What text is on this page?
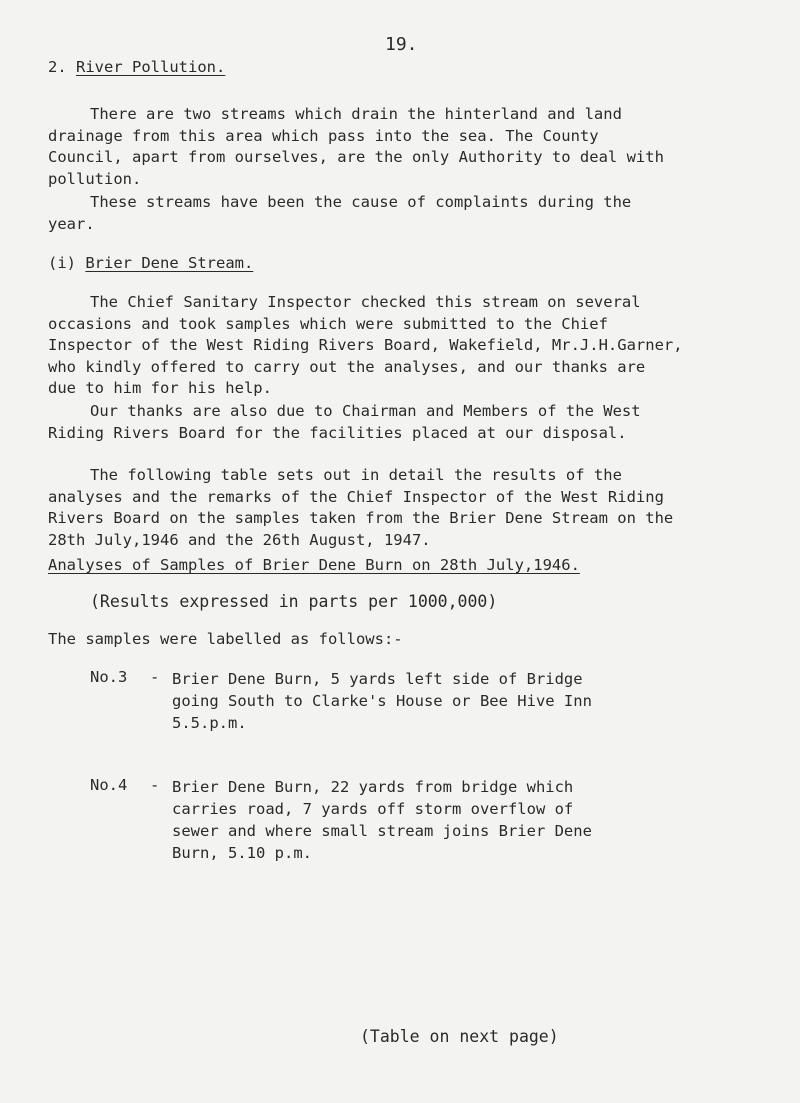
19.
2. River Pollution.
There are two streams which drain the hinterland and land
drainage from this area which pass into the sea. The County
Council, apart from ourselves, are the only Authority to deal with
pollution.
These streams have been the cause of complaints during the
year.
(i) Brier Dene Stream.
The Chief Sanitary Inspector checked this stream on several
occasions and took samples which were submitted to the Chief
Inspector of the West Riding Rivers Board, Wakefield, Mr.J.H.Garner,
who kindly offered to carry out the analyses, and our thanks are
due to him for his help.
Our thanks are also due to Chairman and Members of the West
Riding Rivers Board for the facilities placed at our disposal.
The following table sets out in detail the results of the
analyses and the remarks of the Chief Inspector of the West Riding
Rivers Board on the samples taken from the Brier Dene Stream on the
28th July,1946 and the 26th August, 1947.
Analyses of Samples of Brier Dene Burn on 28th July,1946.
(Results expressed in parts per 1000,000)
The samples were labelled as follows:-
No.3	- Brier Dene Burn, 5 yards left side of Bridge
going South to Clarke's House or Bee Hive Inn
5.5.p.m.
No.4	- Brier Dene Burn, 22 yards from bridge which
carries road, 7 yards off storm overflow of
sewer and where small stream joins Brier Dene
Burn, 5.10 p.m.
(Table on next page)
